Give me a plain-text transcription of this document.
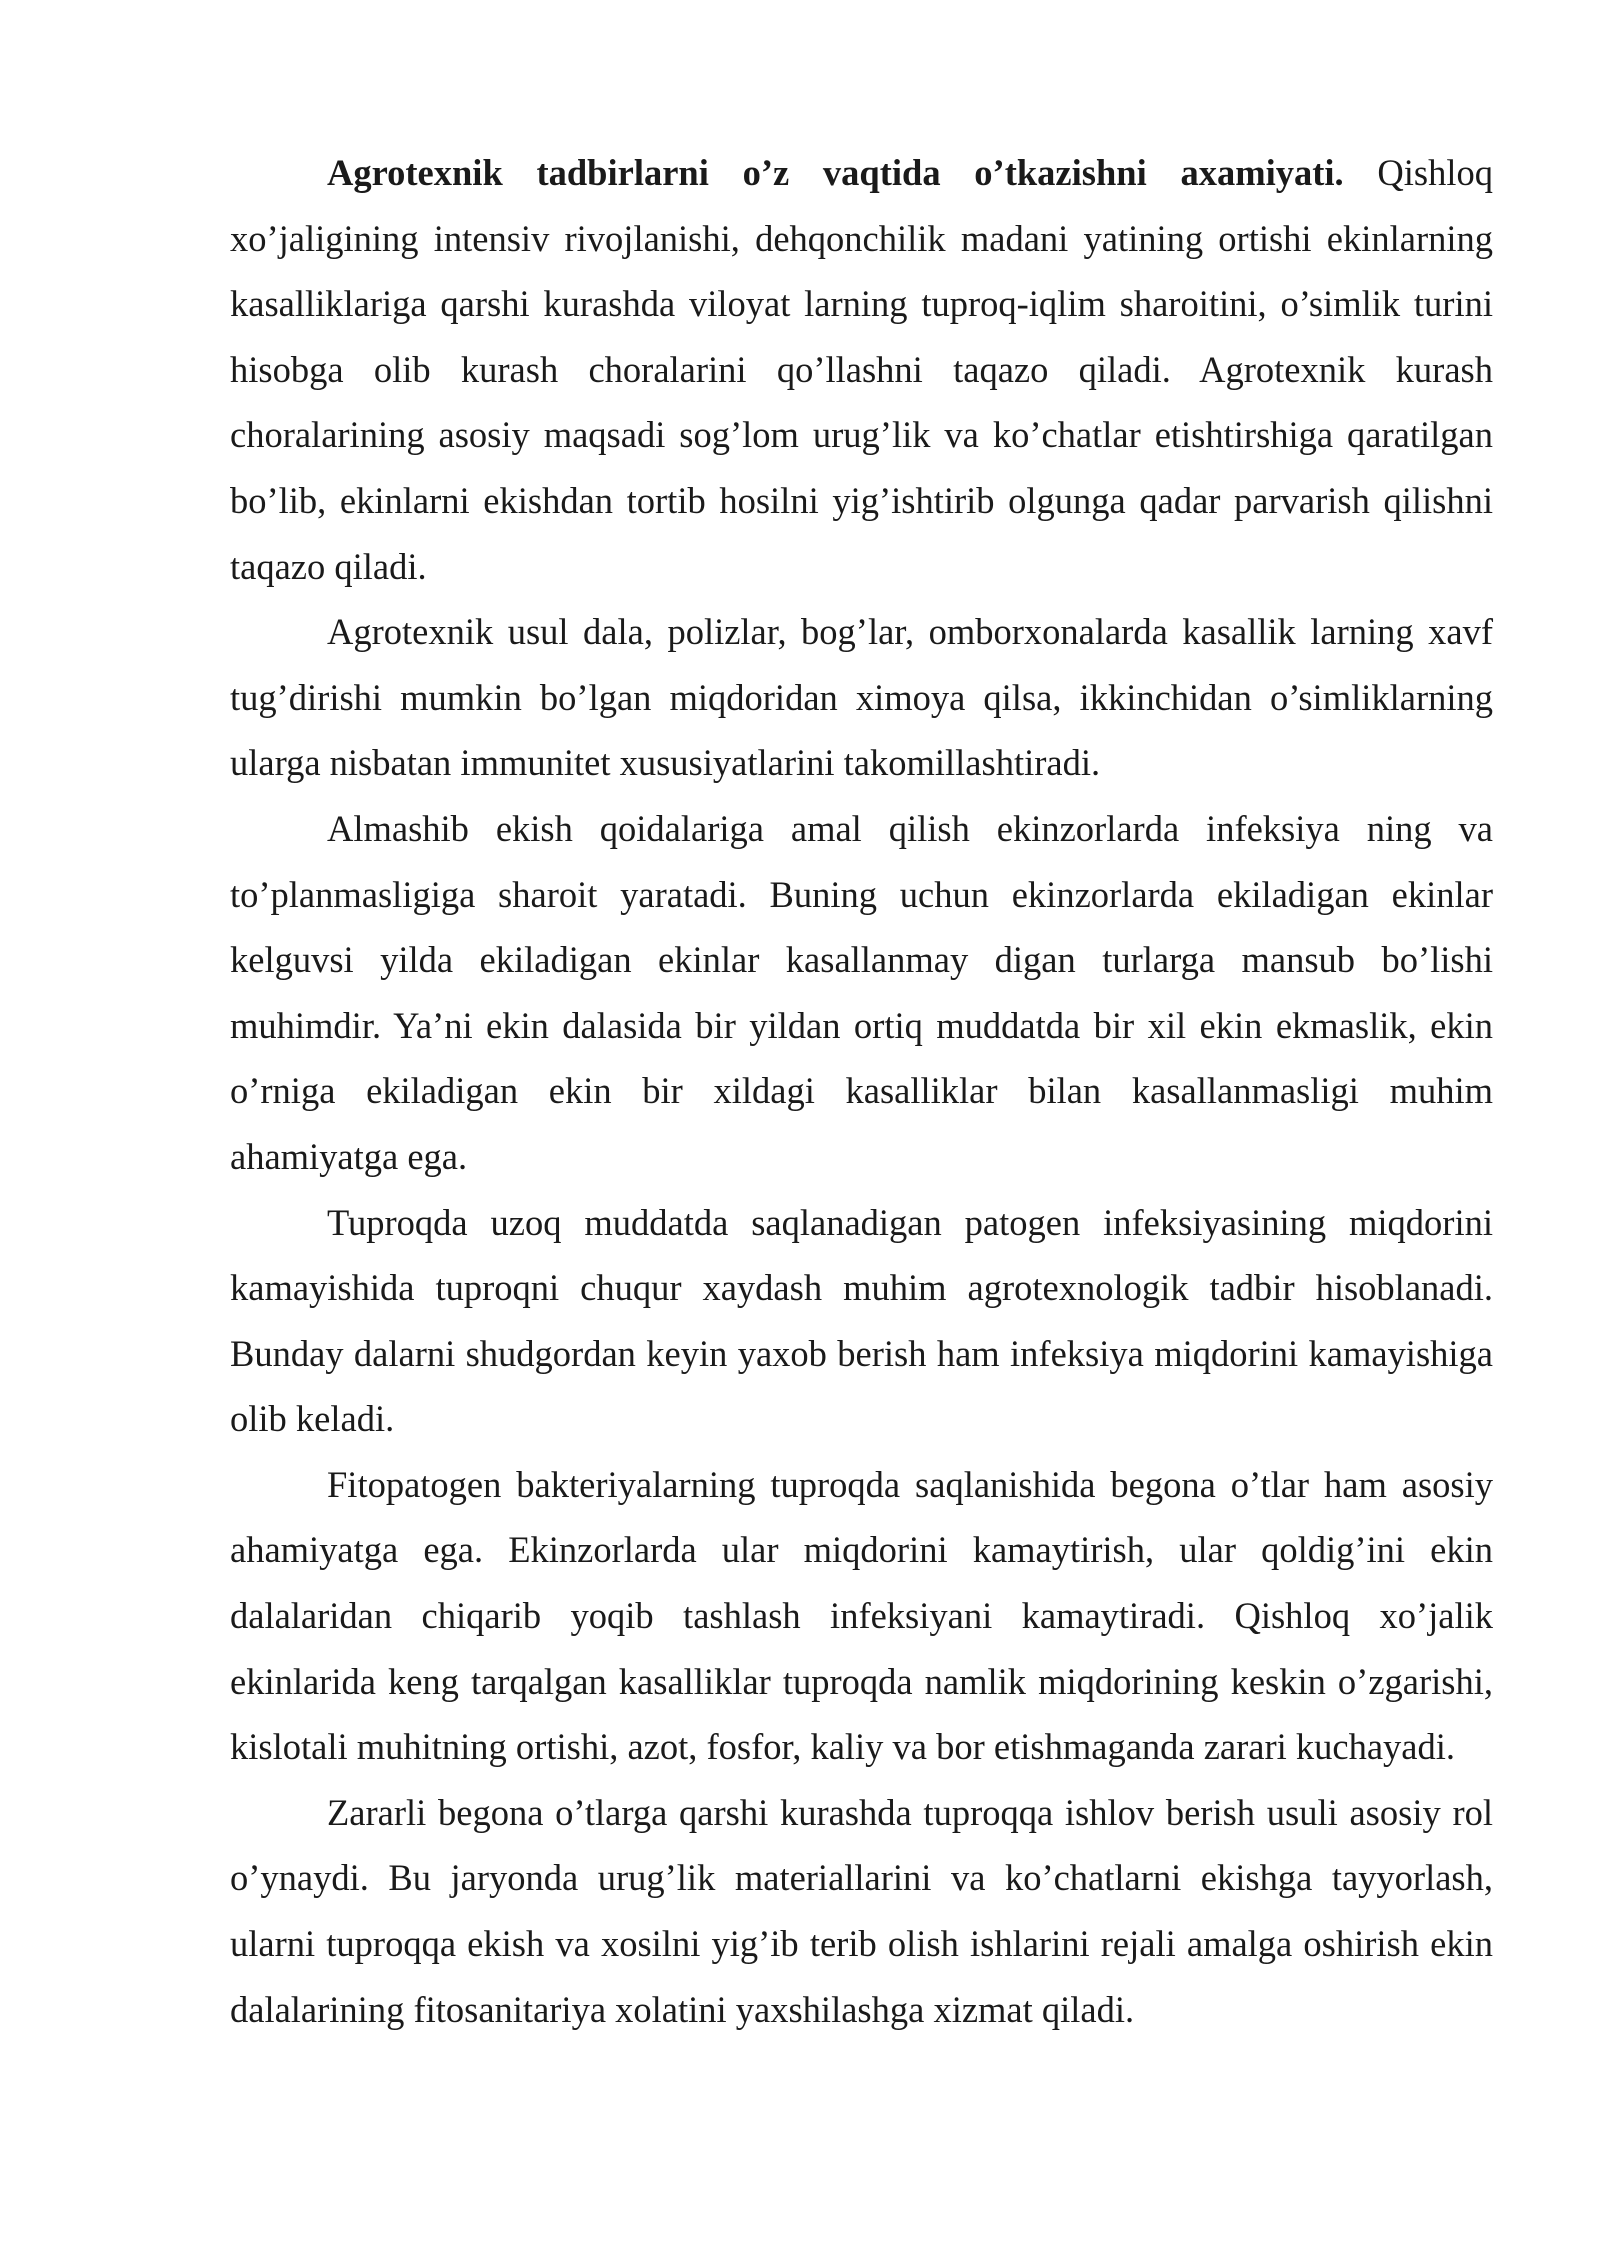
Agrotexnik tadbirlarni o’z vaqtida o’tkazishni axamiyati. Qishloq xo’jaligining intensiv rivojlanishi, dehqonchilik madani yatining ortishi ekinlarning kasalliklariga qarshi kurashda viloyat larning tuproq-iqlim sharoitini, o’simlik turini hisobga olib kurash choralarini qo’llashni taqazo qiladi. Agrotexnik kurash choralarining asosiy maqsadi sog’lom urug’lik va ko’chatlar etishtirshiga qaratilgan bo’lib, ekinlarni ekishdan tortib hosilni yig’ishtirib olgunga qadar parvarish qilishni taqazo qiladi.

Agrotexnik usul dala, polizlar, bog’lar, omborxonalarda kasallik larning xavf tug’dirishi mumkin bo’lgan miqdoridan ximoya qilsa, ikkinchidan o’simliklarning ularga nisbatan immunitet xususiyatlarini takomillashtiradi.

Almashib ekish qoidalariga amal qilish ekinzorlarda infeksiya ning va to’planmasligiga sharoit yaratadi. Buning uchun ekinzorlarda ekiladigan ekinlar kelguvsi yilda ekiladigan ekinlar kasallanmay digan turlarga mansub bo’lishi muhimdir. Ya’ni ekin dalasida bir yildan ortiq muddatda bir xil ekin ekmaslik, ekin o’rniga ekiladigan ekin bir xildagi kasalliklar bilan kasallanmasligi muhim ahamiyatga ega.

Tuproqda uzoq muddatda saqlanadigan patogen infeksiyasining miqdorini kamayishida tuproqni chuqur xaydash muhim agrotexnologik tadbir hisoblanadi. Bunday dalarni shudgordan keyin yaxob berish ham infeksiya miqdorini kamayishiga olib keladi.

Fitopatogen bakteriyalarning tuproqda saqlanishida begona o’tlar ham asosiy ahamiyatga ega. Ekinzorlarda ular miqdorini kamaytirish, ular qoldig’ini ekin dalalaridan chiqarib yoqib tashlash infeksiyani kamaytiradi. Qishloq xo’jalik ekinlarida keng tarqalgan kasalliklar tuproqda namlik miqdorining keskin o’zgarishi, kislotali muhitning ortishi, azot, fosfor, kaliy va bor etishmaganda zarari kuchayadi.

Zararli begona o’tlarga qarshi kurashda tuproqqa ishlov berish usuli asosiy rol o’ynaydi. Bu jaryonda urug’lik materiallarini va ko’chatlarni ekishga tayyorlash, ularni tuproqqa ekish va xosilni yig’ib terib olish ishlarini rejali amalga oshirish ekin dalalarining fitosanitariya xolatini yaxshilashga xizmat qiladi.
